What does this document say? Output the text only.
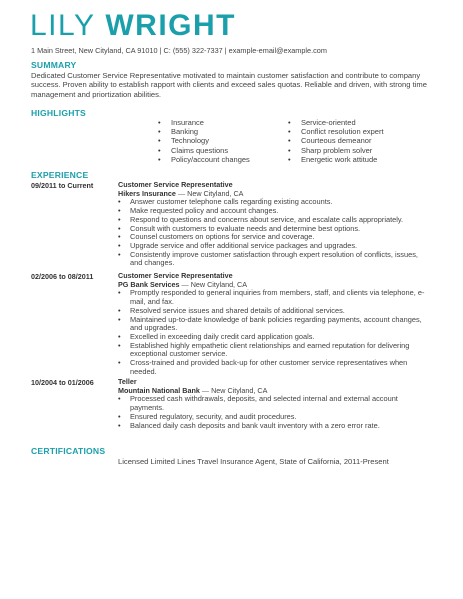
LILY WRIGHT
1 Main Street, New Cityland, CA 91010 | C: (555) 322-7337 | example-email@example.com
SUMMARY
Dedicated Customer Service Representative motivated to maintain customer satisfaction and contribute to company success. Proven ability to establish rapport with clients and exceed sales quotas. Reliable and driven, with strong time management and priortization abilities.
HIGHLIGHTS
• Insurance
• Banking
• Technology
• Claims questions
• Policy/account changes
• Service-oriented
• Conflict resolution expert
• Courteous demeanor
• Sharp problem solver
• Energetic work attitude
EXPERIENCE
09/2011 to Current	Customer Service Representative
Hikers Insurance — New Cityland, CA
• Answer customer telephone calls regarding existing accounts.
• Make requested policy and account changes.
• Respond to questions and concerns about service, and escalate calls appropriately.
• Consult with customers to evaluate needs and determine best options.
• Counsel customers on options for service and coverage.
• Upgrade service and offer additional service packages and upgrades.
• Consistently improve customer satisfaction through expert resolution of conflicts, issues, and changes.
02/2006 to 08/2011	Customer Service Representative
PG Bank Services — New Cityland, CA
• Promptly responded to general inquiries from members, staff, and clients via telephone, e-mail, and fax.
• Resolved service issues and shared details of additional services.
• Maintained up-to-date knowledge of bank policies regarding payments, account changes, and upgrades.
• Excelled in exceeding daily credit card application goals.
• Established highly empathetic client relationships and earned reputation for delivering exceptional customer service.
• Cross-trained and provided back-up for other customer service representatives when needed.
10/2004 to 01/2006	Teller
Mountain National Bank — New Cityland, CA
• Processed cash withdrawals, deposits, and selected internal and external account payments.
• Ensured regulatory, security, and audit procedures.
• Balanced daily cash deposits and bank vault inventory with a zero error rate.
CERTIFICATIONS
Licensed Limited Lines Travel Insurance Agent, State of California, 2011-Present
